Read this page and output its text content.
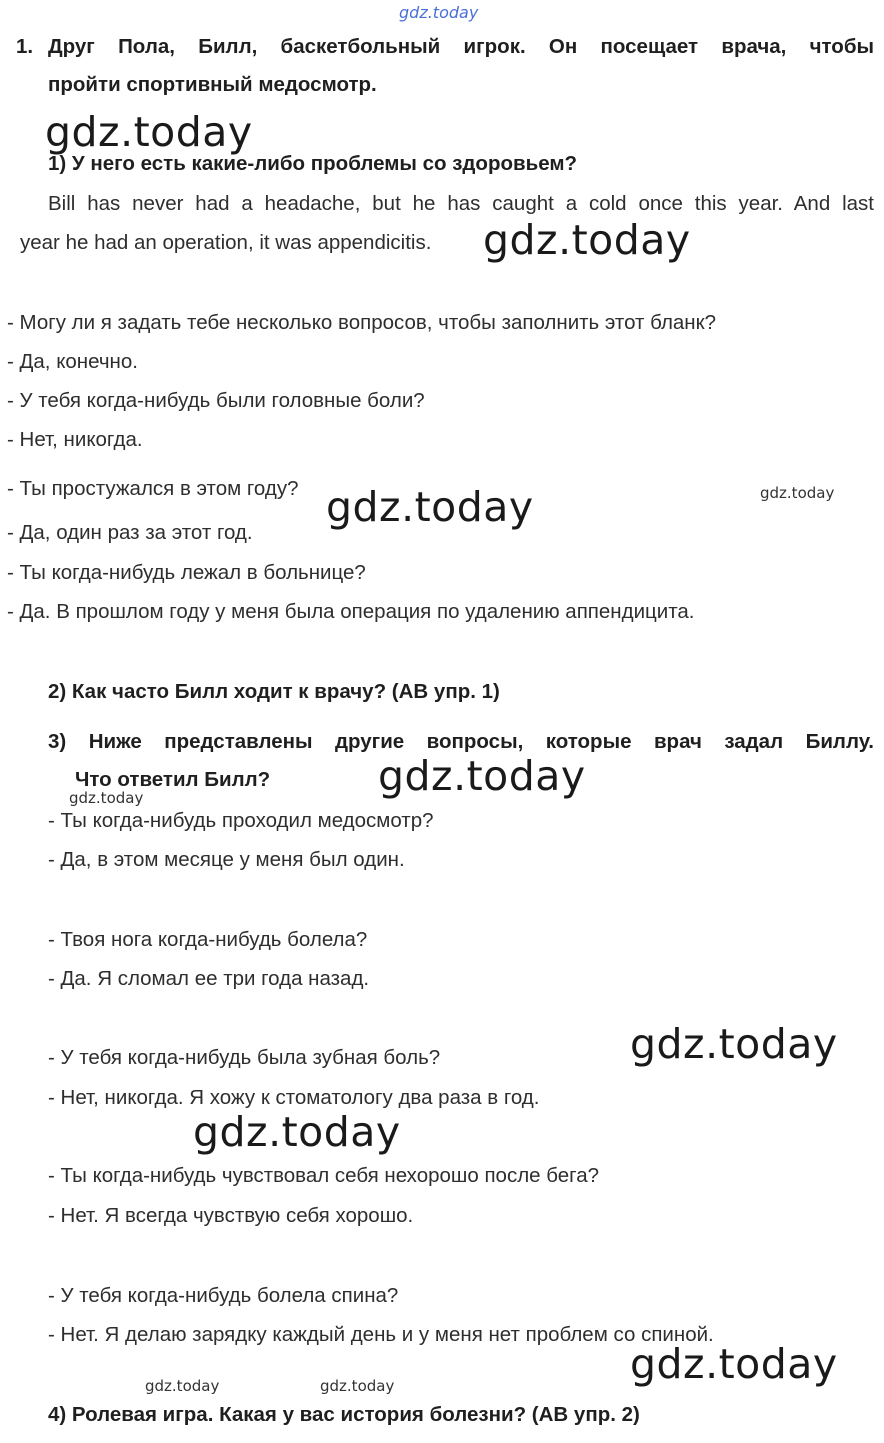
gdz.today
1. Друг Пола, Билл, баскетбольный игрок. Он посещает врача, чтобы
пройти спортивный медосмотр.
1) У него есть какие-либо проблемы со здоровьем?
Bill has never had a headache, but he has caught a cold once this year. And last
year he had an operation, it was appendicitis.
- Могу ли я задать тебе несколько вопросов, чтобы заполнить этот бланк?
- Да, конечно.
- У тебя когда-нибудь были головные боли?
- Нет, никогда.
- Ты простужался в этом году?
- Да, один раз за этот год.
- Ты когда-нибудь лежал в больнице?
- Да. В прошлом году у меня была операция по удалению аппендицита.
2) Как часто Билл ходит к врачу? (АВ упр. 1)
3) Ниже представлены другие вопросы, которые врач задал Биллу.
Что ответил Билл?
- Ты когда-нибудь проходил медосмотр?
- Да, в этом месяце у меня был один.
- Твоя нога когда-нибудь болела?
- Да. Я сломал ее три года назад.
- У тебя когда-нибудь была зубная боль?
- Нет, никогда. Я хожу к стоматологу два раза в год.
- Ты когда-нибудь чувствовал себя нехорошо после бега?
- Нет. Я всегда чувствую себя хорошо.
- У тебя когда-нибудь болела спина?
- Нет. Я делаю зарядку каждый день и у меня нет проблем со спиной.
4) Ролевая игра. Какая у вас история болезни? (АВ упр. 2)
gdz.today
gdz.today
gdz.today
gdz.today
gdz.today
gdz.today
gdz.today
gdz.today
gdz.today
gdz.today	gdz.today
